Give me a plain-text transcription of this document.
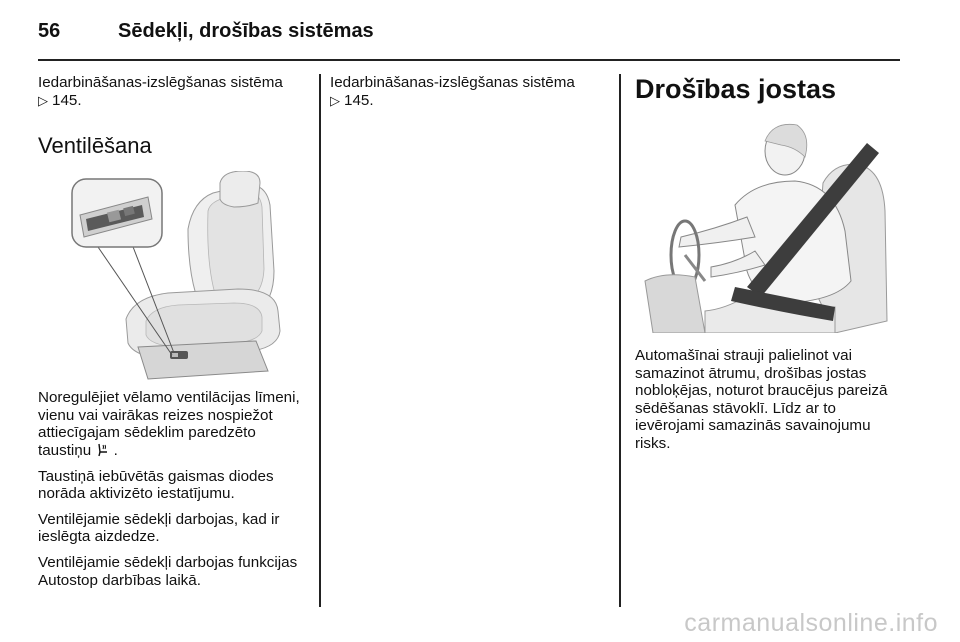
56	Sēdekļi, drošības sistēmas

Iedarbināšanas-izslēgšanas sistēma
▷ 145.

Ventilēšana

Noregulējiet vēlamo ventilācijas līmeni, vienu vai vairākas reizes nospiežot attiecīgajam sēdeklim paredzēto taustiņu .

Taustiņā iebūvētās gaismas diodes norāda aktivizēto iestatījumu.

Ventilējamie sēdekļi darbojas, kad ir ieslēgta aizdedze.

Ventilējamie sēdekļi darbojas funkcijas Autostop darbības laikā.

Iedarbināšanas-izslēgšanas sistēma
▷ 145.	Drošības jostas

Automašīnai strauji palielinot vai samazinot ātrumu, drošības jostas nobloķējas, noturot braucējus pareizā sēdēšanas stāvoklī. Līdz ar to ievērojami samazinās savainojumu risks.

carmanualsonline.info
